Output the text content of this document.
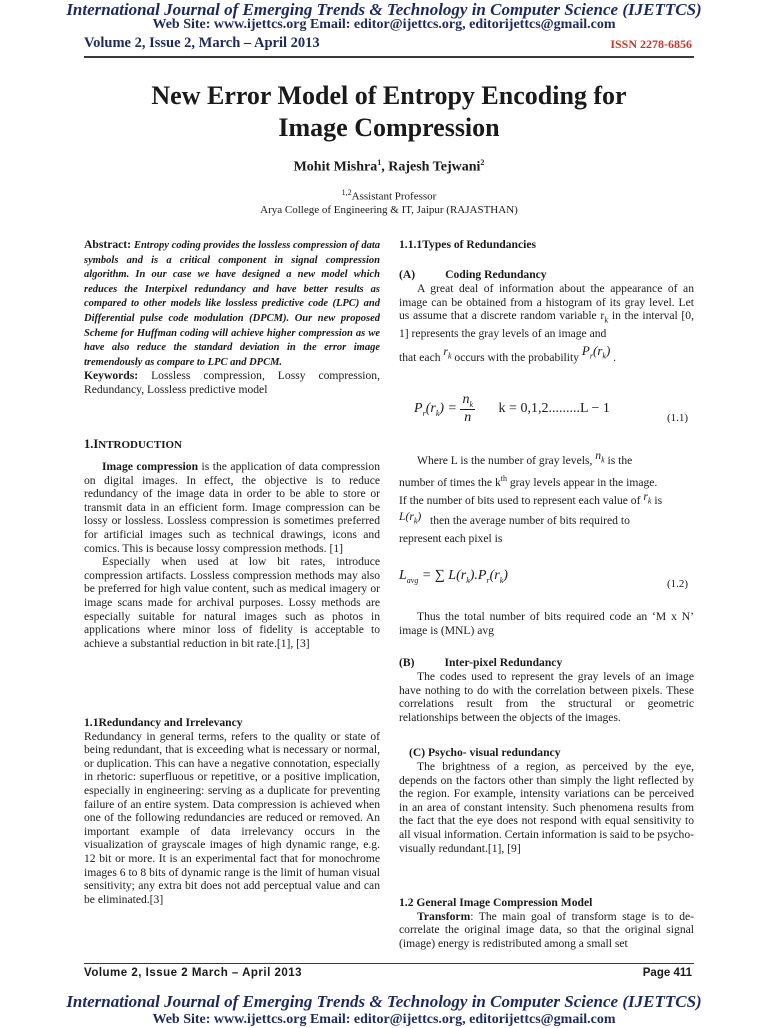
International Journal of Emerging Trends & Technology in Computer Science (IJETTCS)
Web Site: www.ijettcs.org Email: editor@ijettcs.org, editorijettcs@gmail.com
Volume 2, Issue 2, March – April 2013	ISSN 2278-6856
New Error Model of Entropy Encoding for
Image Compression
Mohit Mishra$^1$, Rajesh Tejwani$^2$
$^{1,2}$Assistant Professor
Arya College of Engineering & IT, Jaipur (RAJASTHAN)

Abstract: Entropy coding provides the lossless compression of data symbols and is a critical component in signal compression algorithm. In our case we have designed a new model which reduces the Interpixel redundancy and have better results as compared to other models like lossless predictive code (LPC) and Differential pulse code modulation (DPCM). Our new proposed Scheme for Huffman coding will achieve higher compression as we have also reduce the standard deviation in the error image tremendously as compare to LPC and DPCM.

Keywords: Lossless compression, Lossy compression, Redundancy, Lossless predictive model

1.INTRODUCTION

Image compression is the application of data compression on digital images. In effect, the objective is to reduce redundancy of the image data in order to be able to store or transmit data in an efficient form. Image compression can be lossy or lossless. Lossless compression is sometimes preferred for artificial images such as technical drawings, icons and comics. This is because lossy compression methods. [1]

Especially when used at low bit rates, introduce compression artifacts. Lossless compression methods may also be preferred for high value content, such as medical imagery or image scans made for archival purposes. Lossy methods are especially suitable for natural images such as photos in applications where minor loss of fidelity is acceptable to achieve a substantial reduction in bit rate.[1], [3]

1.1Redundancy and Irrelevancy

Redundancy in general terms, refers to the quality or state of being redundant, that is exceeding what is necessary or normal, or duplication. This can have a negative connotation, especially in rhetoric: superfluous or repetitive, or a positive implication, especially in engineering: serving as a duplicate for preventing failure of an entire system. Data compression is achieved when one of the following redundancies are reduced or removed. An important example of data irrelevancy occurs in the visualization of grayscale images of high dynamic range, e.g. 12 bit or more. It is an experimental fact that for monochrome images 6 to 8 bits of dynamic range is the limit of human visual sensitivity; any extra bit does not add perceptual value and can be eliminated.[3]

1.1.1Types of Redundancies
(A)	Coding Redundancy

A great deal of information about the appearance of an image can be obtained from a histogram of its gray level. Let us assume that a discrete random variable $r_k$ in the interval [0, 1] represents the gray levels of an image and

that each $r_k$ occurs with the probability $P_r(r_k)$ .
$P_r(r_k) = \frac{n_k}{n}$ k = 0,1,2.........L − 1
(1.1)

Where L is the number of gray levels, $n_k$ is the

number of times the $k^{th}$ gray levels appear in the image.

If the number of bits used to represent each value of $r_k$ is

$L(r_k)$ then the average number of bits required to

represent each pixel is

$L_{avg}$ = ∑ $L(r_k).P_r(r_k)$
(1.2)

Thus the total number of bits required code an ‘M x N’ image is (MNL) avg

(B)	Inter-pixel Redundancy

The codes used to represent the gray levels of an image have nothing to do with the correlation between pixels. These correlations result from the structural or geometric relationships between the objects of the images.

(C) Psycho- visual redundancy

The brightness of a region, as perceived by the eye, depends on the factors other than simply the light reflected by the region. For example, intensity variations can be perceived in an area of constant intensity. Such phenomena results from the fact that the eye does not respond with equal sensitivity to all visual information. Certain information is said to be psycho-visually redundant.[1], [9]

1.2 General Image Compression Model

Transform: The main goal of transform stage is to de-correlate the original image data, so that the original signal (image) energy is redistributed among a small set

Volume 2, Issue 2 March – April 2013	Page 411
International Journal of Emerging Trends & Technology in Computer Science (IJETTCS)
Web Site: www.ijettcs.org Email: editor@ijettcs.org, editorijettcs@gmail.com
